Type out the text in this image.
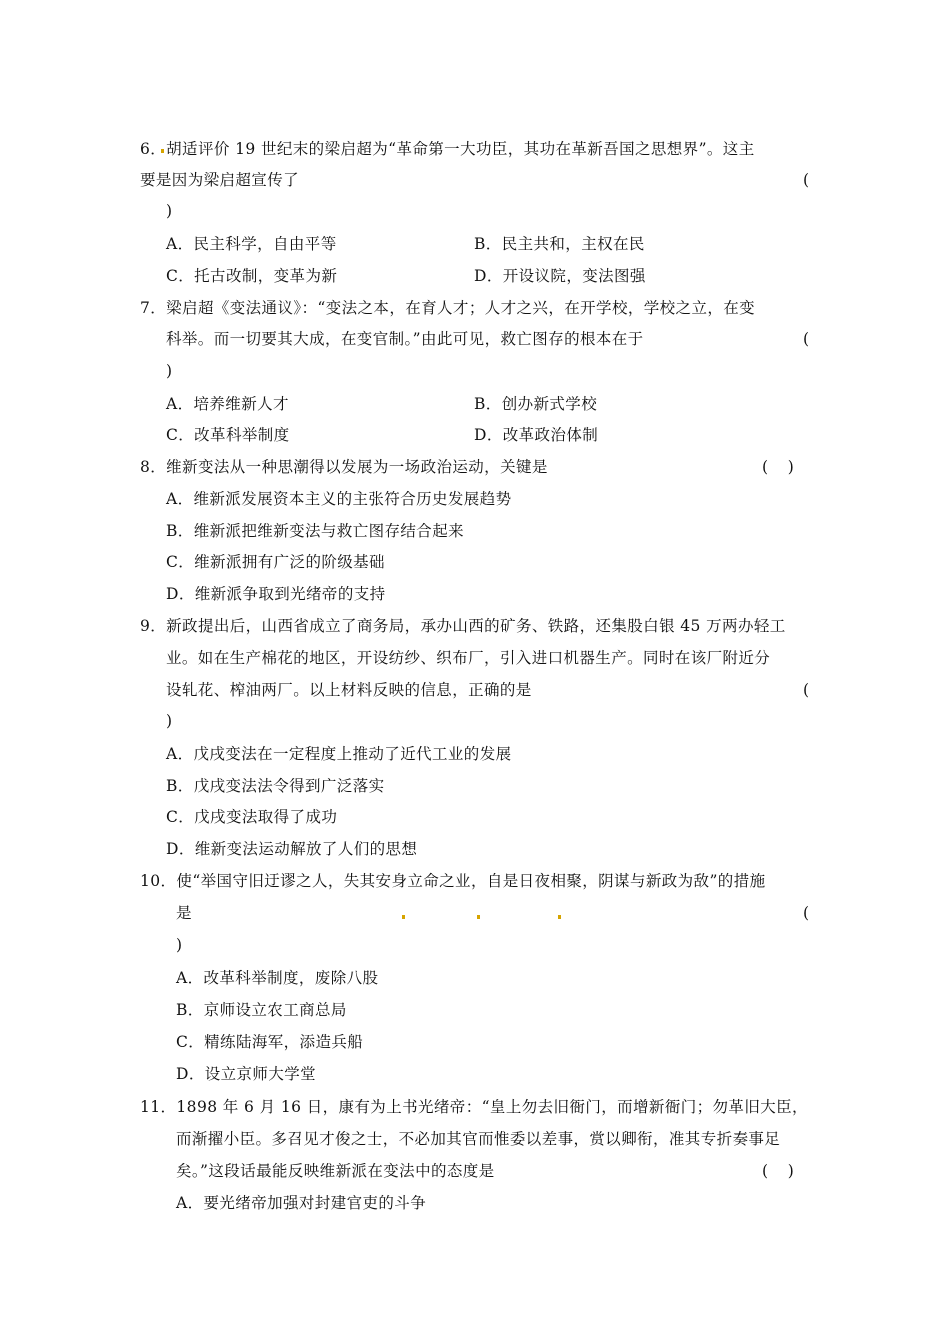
6．胡适评价 19 世纪末的梁启超为“革命第一大功臣，其功在革新吾国之思想界”。这主
要是因为梁启超宣传了	(
)
A．民主科学，自由平等	B．民主共和，主权在民
C．托古改制，变革为新	D．开设议院，变法图强
7．梁启超《变法通议》：“变法之本，在育人才；人才之兴，在开学校，学校之立，在变
科举。而一切要其大成，在变官制。”由此可见，救亡图存的根本在于	(
)
A．培养维新人才	B．创办新式学校
C．改革科举制度	D．改革政治体制
8．维新变法从一种思潮得以发展为一场政治运动，关键是	(    )
A．维新派发展资本主义的主张符合历史发展趋势
B．维新派把维新变法与救亡图存结合起来
C．维新派拥有广泛的阶级基础
D．维新派争取到光绪帝的支持
9．新政提出后，山西省成立了商务局，承办山西的矿务、铁路，还集股白银 45 万两办轻工
业。如在生产棉花的地区，开设纺纱、织布厂，引入进口机器生产。同时在该厂附近分
设轧花、榨油两厂。以上材料反映的信息，正确的是	(
)
A．戊戌变法在一定程度上推动了近代工业的发展
B．戊戌变法法令得到广泛落实
C．戊戌变法取得了成功
D．维新变法运动解放了人们的思想
10．使“举国守旧迂谬之人，失其安身立命之业，自是日夜相聚，阴谋与新政为敌”的措施
是	(
)
A．改革科举制度，废除八股
B．京师设立农工商总局
C．精练陆海军，添造兵船
D．设立京师大学堂
11．1898 年 6 月 16 日，康有为上书光绪帝：“皇上勿去旧衙门，而增新衙门；勿革旧大臣，
而渐擢小臣。多召见才俊之士，不必加其官而惟委以差事，赏以卿衔，准其专折奏事足
矣。”这段话最能反映维新派在变法中的态度是	(    )
A．要光绪帝加强对封建官吏的斗争
